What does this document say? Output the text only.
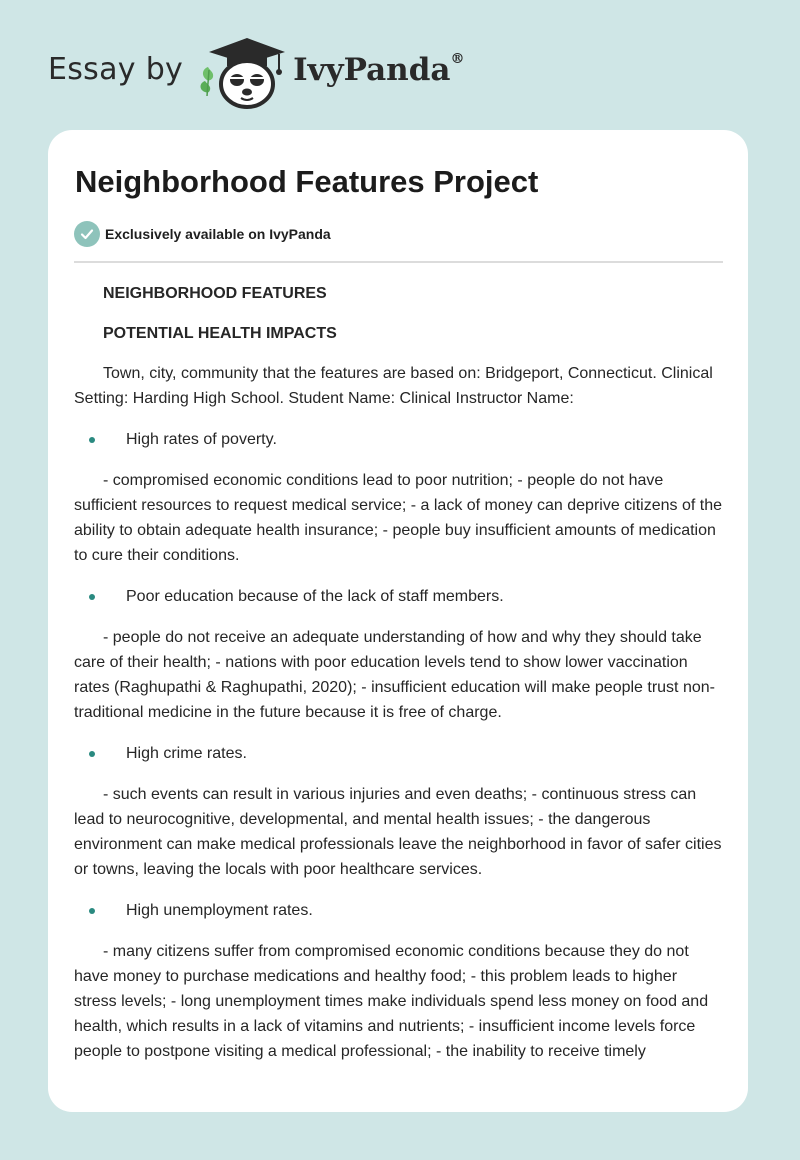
Essay by	IvyPanda®
Neighborhood Features Project
Exclusively available on IvyPanda

NEIGHBORHOOD FEATURES

POTENTIAL HEALTH IMPACTS

Town, city, community that the features are based on: Bridgeport, Connecticut. Clinical Setting: Harding High School. Student Name: Clinical Instructor Name:

High rates of poverty.

- compromised economic conditions lead to poor nutrition; - people do not have sufficient resources to request medical service; - a lack of money can deprive citizens of the ability to obtain adequate health insurance; - people buy insufficient amounts of medication to cure their conditions.

Poor education because of the lack of staff members.

- people do not receive an adequate understanding of how and why they should take care of their health; - nations with poor education levels tend to show lower vaccination rates (Raghupathi & Raghupathi, 2020); - insufficient education will make people trust non-traditional medicine in the future because it is free of charge.

High crime rates.

- such events can result in various injuries and even deaths; - continuous stress can lead to neurocognitive, developmental, and mental health issues; - the dangerous environment can make medical professionals leave the neighborhood in favor of safer cities or towns, leaving the locals with poor healthcare services.

High unemployment rates.

- many citizens suffer from compromised economic conditions because they do not have money to purchase medications and healthy food; - this problem leads to higher stress levels; - long unemployment times make individuals spend less money on food and health, which results in a lack of vitamins and nutrients; - insufficient income levels force people to postpone visiting a medical professional; - the inability to receive timely
